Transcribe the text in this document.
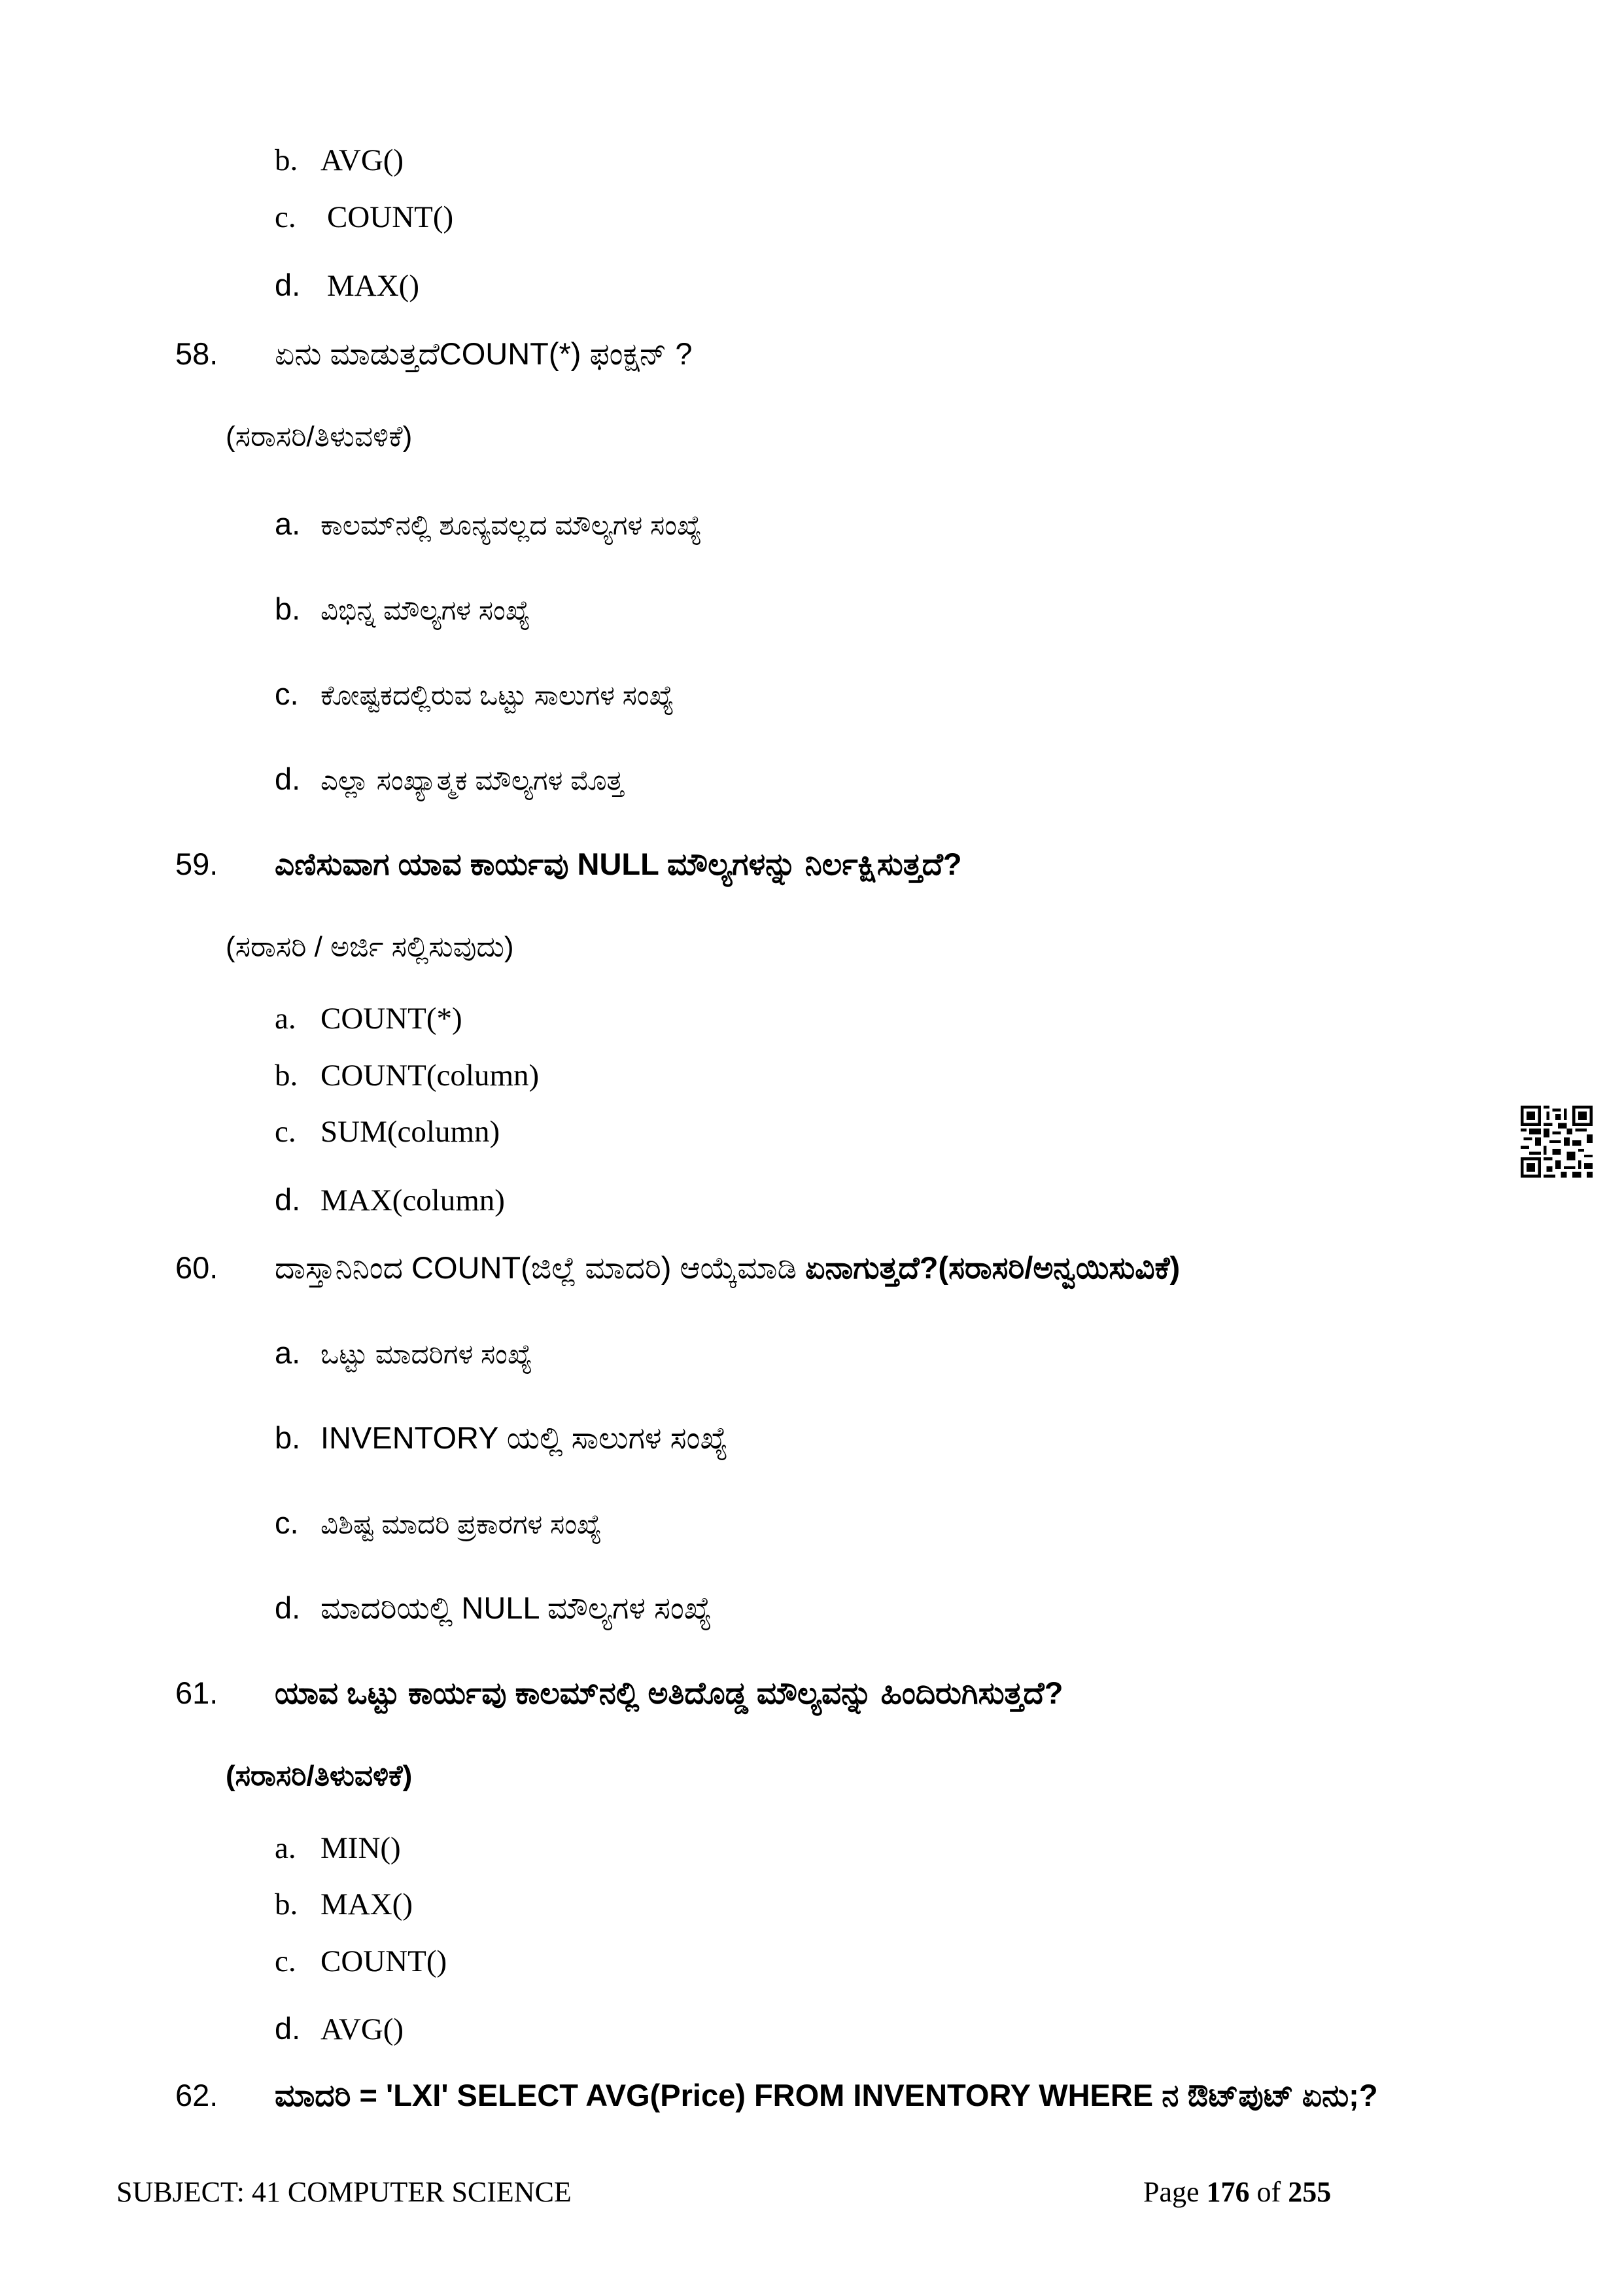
b. AVG()
c. COUNT()
d. MAX()
58. ಏನು ಮಾಡುತ್ತದೆCOUNT(*) ಫಂಕ್ಷನ್ ?
(ಸರಾಸರಿ/ತಿಳುವಳಿಕೆ)
a. ಕಾಲಮ್‌ನಲ್ಲಿ ಶೂನ್ಯವಲ್ಲದ ಮೌಲ್ಯಗಳ ಸಂಖ್ಯೆ
b. ವಿಭಿನ್ನ ಮೌಲ್ಯಗಳ ಸಂಖ್ಯೆ
c. ಕೋಷ್ಟಕದಲ್ಲಿರುವ ಒಟ್ಟು ಸಾಲುಗಳ ಸಂಖ್ಯೆ
d. ಎಲ್ಲಾ ಸಂಖ್ಯಾತ್ಮಕ ಮೌಲ್ಯಗಳ ಮೊತ್ತ
59. ಎಣಿಸುವಾಗ ಯಾವ ಕಾರ್ಯವು NULL ಮೌಲ್ಯಗಳನ್ನು ನಿರ್ಲಕ್ಷಿಸುತ್ತದೆ?
(ಸರಾಸರಿ / ಅರ್ಜಿ ಸಲ್ಲಿಸುವುದು)
a. COUNT(*)
b. COUNT(column)
c. SUM(column)
d. MAX(column)
60. ದಾಸ್ತಾನಿನಿಂದ COUNT(ಜಿಲ್ಲೆ ಮಾದರಿ) ಆಯ್ಕೆಮಾಡಿ ಏನಾಗುತ್ತದೆ?(ಸರಾಸರಿ/ಅನ್ವಯಿಸುವಿಕೆ)
a. ಒಟ್ಟು ಮಾದರಿಗಳ ಸಂಖ್ಯೆ
b. INVENTORY ಯಲ್ಲಿ ಸಾಲುಗಳ ಸಂಖ್ಯೆ
c. ವಿಶಿಷ್ಟ ಮಾದರಿ ಪ್ರಕಾರಗಳ ಸಂಖ್ಯೆ
d. ಮಾದರಿಯಲ್ಲಿ NULL ಮೌಲ್ಯಗಳ ಸಂಖ್ಯೆ
61. ಯಾವ ಒಟ್ಟು ಕಾರ್ಯವು ಕಾಲಮ್‌ನಲ್ಲಿ ಅತಿದೊಡ್ಡ ಮೌಲ್ಯವನ್ನು ಹಿಂದಿರುಗಿಸುತ್ತದೆ?
(ಸರಾಸರಿ/ತಿಳುವಳಿಕೆ)
a. MIN()
b. MAX()
c. COUNT()
d. AVG()
62. ಮಾದರಿ = 'LXI' SELECT AVG(Price) FROM INVENTORY WHERE ನ ಔಟ್‌ಪುಟ್ ಏನು;?
SUBJECT: 41 COMPUTER SCIENCE	Page 176 of 255
